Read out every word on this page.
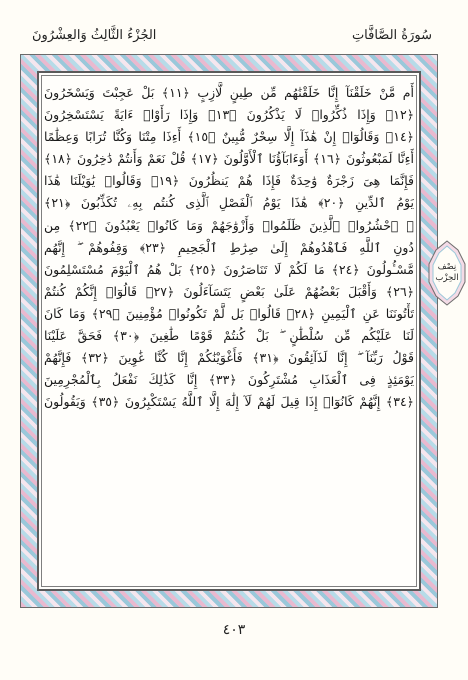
الجُزْءُ الثَّالِثُ وَالعِشْرُونَ	سُورَةُ الصَّافَّاتِ
أَم مَّنْ خَلَقْنَآ إِنَّا خَلَقْنَٰهُم مِّن طِينٍ لَّازِبٍ ﴿١١﴾ بَلْ عَجِبْتَ وَيَسْخَرُونَ
﴿١٢﴾ وَإِذَا ذُكِّرُوا۟ لَا يَذْكُرُونَ ﴿١٣﴾ وَإِذَا رَأَوْا۟ ءَايَةً يَسْتَسْخِرُونَ
﴿١٤﴾ وَقَالُوٓا۟ إِنْ هَٰذَآ إِلَّا سِحْرٌ مُّبِينٌ ﴿١٥﴾ أَءِذَا مِتْنَا وَكُنَّا تُرَابًا وَعِظَٰمًا
أَءِنَّا لَمَبْعُوثُونَ ﴿١٦﴾ أَوَءَابَآؤُنَا ٱلْأَوَّلُونَ ﴿١٧﴾ قُلْ نَعَمْ وَأَنتُمْ دَٰخِرُونَ ﴿١٨﴾
فَإِنَّمَا هِىَ زَجْرَةٌ وَٰحِدَةٌ فَإِذَا هُمْ يَنظُرُونَ ﴿١٩﴾ وَقَالُوا۟ يَٰوَيْلَنَا هَٰذَا
يَوْمُ ٱلدِّينِ ﴿٢٠﴾ هَٰذَا يَوْمُ ٱلْفَصْلِ ٱلَّذِى كُنتُم بِهِۦ تُكَذِّبُونَ ﴿٢١﴾
۞ ٱحْشُرُوا۟ ٱلَّذِينَ ظَلَمُوا۟ وَأَزْوَٰجَهُمْ وَمَا كَانُوا۟ يَعْبُدُونَ ﴿٢٢﴾ مِن
دُونِ ٱللَّهِ فَٱهْدُوهُمْ إِلَىٰ صِرَٰطِ ٱلْجَحِيمِ ﴿٢٣﴾ وَقِفُوهُمْ ۖ إِنَّهُم
مَّسْـُٔولُونَ ﴿٢٤﴾ مَا لَكُمْ لَا تَنَاصَرُونَ ﴿٢٥﴾ بَلْ هُمُ ٱلْيَوْمَ مُسْتَسْلِمُونَ
﴿٢٦﴾ وَأَقْبَلَ بَعْضُهُمْ عَلَىٰ بَعْضٍ يَتَسَآءَلُونَ ﴿٢٧﴾ قَالُوٓا۟ إِنَّكُمْ كُنتُمْ
تَأْتُونَنَا عَنِ ٱلْيَمِينِ ﴿٢٨﴾ قَالُوا۟ بَل لَّمْ تَكُونُوا۟ مُؤْمِنِينَ ﴿٢٩﴾ وَمَا كَانَ
لَنَا عَلَيْكُم مِّن سُلْطَٰنٍ ۖ بَلْ كُنتُمْ قَوْمًا طَٰغِينَ ﴿٣٠﴾ فَحَقَّ عَلَيْنَا
قَوْلُ رَبِّنَآ ۖ إِنَّا لَذَآئِقُونَ ﴿٣١﴾ فَأَغْوَيْنَٰكُمْ إِنَّا كُنَّا غَٰوِينَ ﴿٣٢﴾ فَإِنَّهُمْ
يَوْمَئِذٍ فِى ٱلْعَذَابِ مُشْتَرِكُونَ ﴿٣٣﴾ إِنَّا كَذَٰلِكَ نَفْعَلُ بِٱلْمُجْرِمِينَ
﴿٣٤﴾ إِنَّهُمْ كَانُوٓا۟ إِذَا قِيلَ لَهُمْ لَآ إِلَٰهَ إِلَّا ٱللَّهُ يَسْتَكْبِرُونَ ﴿٣٥﴾ وَيَقُولُونَ
نِصْف
الحِزْب
٤٠٣
